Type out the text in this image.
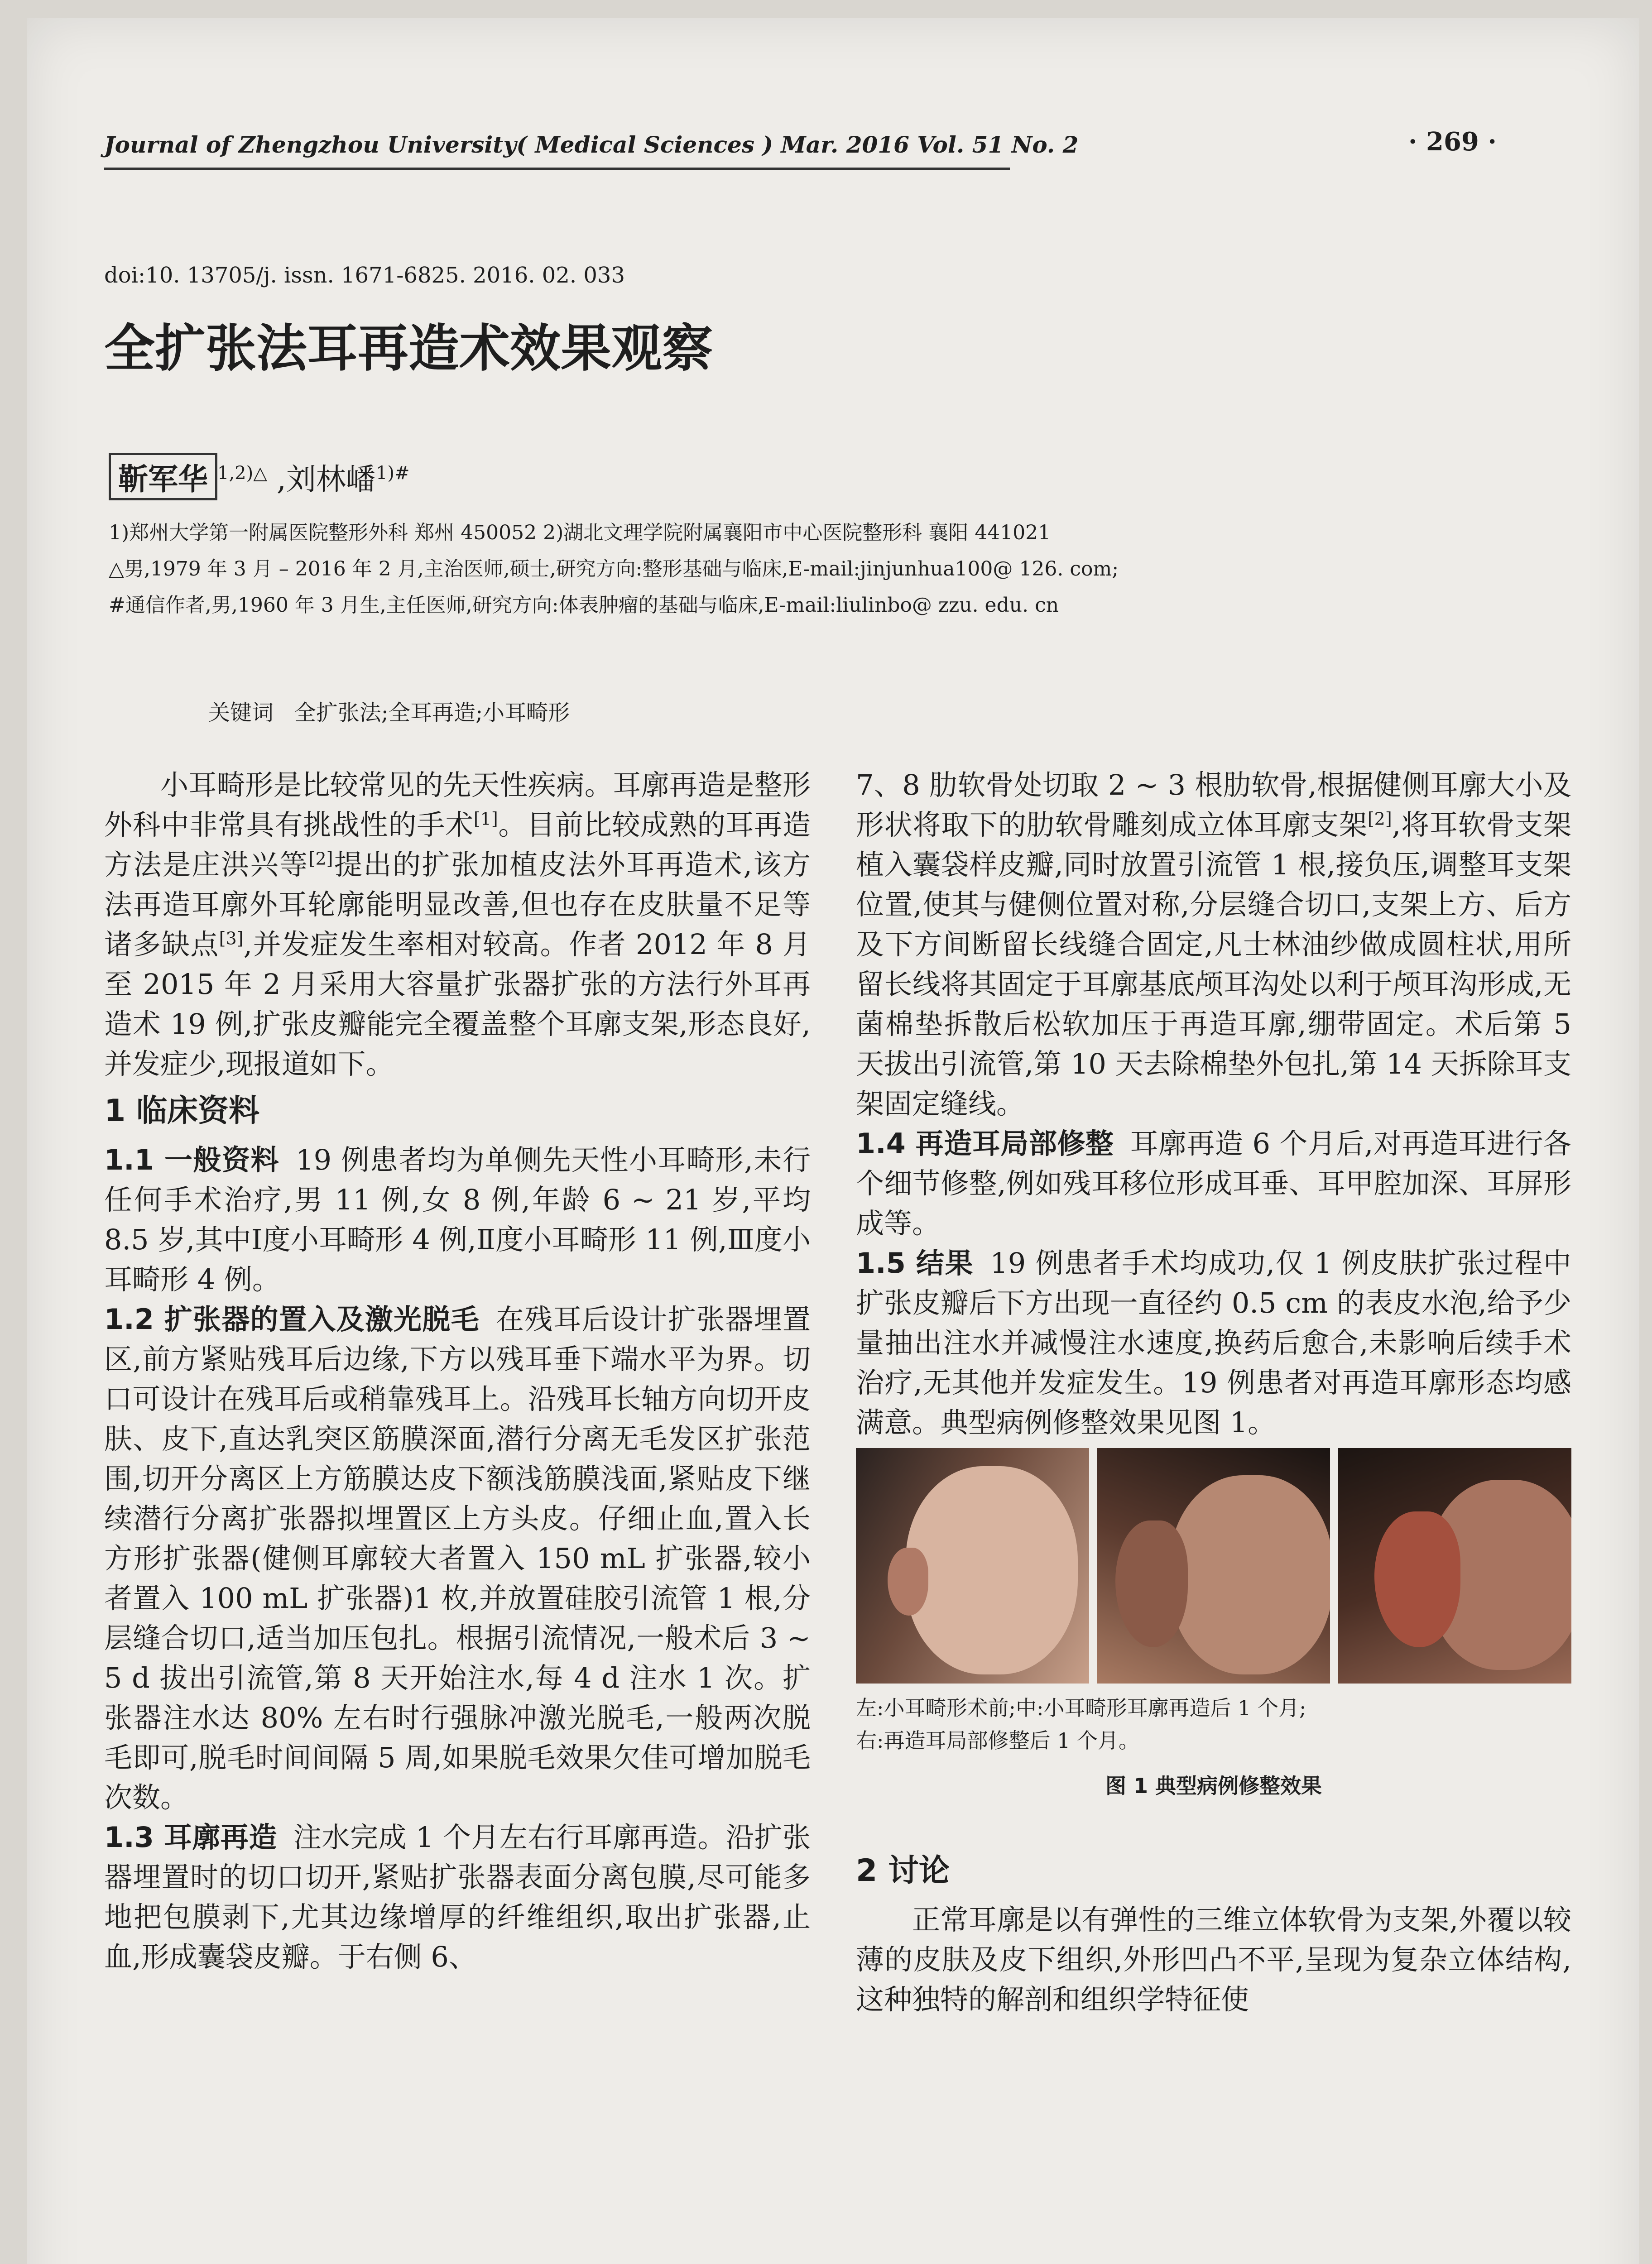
Journal of Zhengzhou University( Medical Sciences ) Mar. 2016 Vol. 51 No. 2	· 269 ·
doi:10. 13705/j. issn. 1671-6825. 2016. 02. 033
全扩张法耳再造术效果观察
靳军华 $^{1,2)\triangle}$ ,刘林嶓$^{1)\#}$
1)郑州大学第一附属医院整形外科 郑州 450052 2)湖北文理学院附属襄阳市中心医院整形科 襄阳 441021
△男,1979 年 3 月 – 2016 年 2 月,主治医师,硕士,研究方向:整形基础与临床,E-mail:jinjunhua100@ 126. com;
#通信作者,男,1960 年 3 月生,主任医师,研究方向:体表肿瘤的基础与临床,E-mail:liulinbo@ zzu. edu. cn
关键词 全扩张法;全耳再造;小耳畸形

小耳畸形是比较常见的先天性疾病。耳廓再造是整形外科中非常具有挑战性的手术[1]。目前比较成熟的耳再造方法是庄洪兴等[2]提出的扩张加植皮法外耳再造术,该方法再造耳廓外耳轮廓能明显改善,但也存在皮肤量不足等诸多缺点[3],并发症发生率相对较高。作者 2012 年 8 月至 2015 年 2 月采用大容量扩张器扩张的方法行外耳再造术 19 例,扩张皮瓣能完全覆盖整个耳廓支架,形态良好,并发症少,现报道如下。

1 临床资料

1.1 一般资料 19 例患者均为单侧先天性小耳畸形,未行任何手术治疗,男 11 例,女 8 例,年龄 6 ~ 21 岁,平均 8.5 岁,其中Ⅰ度小耳畸形 4 例,Ⅱ度小耳畸形 11 例,Ⅲ度小耳畸形 4 例。

1.2 扩张器的置入及激光脱毛 在残耳后设计扩张器埋置区,前方紧贴残耳后边缘,下方以残耳垂下端水平为界。切口可设计在残耳后或稍靠残耳上。沿残耳长轴方向切开皮肤、皮下,直达乳突区筋膜深面,潜行分离无毛发区扩张范围,切开分离区上方筋膜达皮下额浅筋膜浅面,紧贴皮下继续潜行分离扩张器拟埋置区上方头皮。仔细止血,置入长方形扩张器(健侧耳廓较大者置入 150 mL 扩张器,较小者置入 100 mL 扩张器)1 枚,并放置硅胶引流管 1 根,分层缝合切口,适当加压包扎。根据引流情况,一般术后 3 ~ 5 d 拔出引流管,第 8 天开始注水,每 4 d 注水 1 次。扩张器注水达 80% 左右时行强脉冲激光脱毛,一般两次脱毛即可,脱毛时间间隔 5 周,如果脱毛效果欠佳可增加脱毛次数。

1.3 耳廓再造 注水完成 1 个月左右行耳廓再造。沿扩张器埋置时的切口切开,紧贴扩张器表面分离包膜,尽可能多地把包膜剥下,尤其边缘增厚的纤维组织,取出扩张器,止血,形成囊袋皮瓣。于右侧 6、

7、8 肋软骨处切取 2 ~ 3 根肋软骨,根据健侧耳廓大小及形状将取下的肋软骨雕刻成立体耳廓支架[2],将耳软骨支架植入囊袋样皮瓣,同时放置引流管 1 根,接负压,调整耳支架位置,使其与健侧位置对称,分层缝合切口,支架上方、后方及下方间断留长线缝合固定,凡士林油纱做成圆柱状,用所留长线将其固定于耳廓基底颅耳沟处以利于颅耳沟形成,无菌棉垫拆散后松软加压于再造耳廓,绷带固定。术后第 5 天拔出引流管,第 10 天去除棉垫外包扎,第 14 天拆除耳支架固定缝线。

1.4 再造耳局部修整 耳廓再造 6 个月后,对再造耳进行各个细节修整,例如残耳移位形成耳垂、耳甲腔加深、耳屏形成等。

1.5 结果 19 例患者手术均成功,仅 1 例皮肤扩张过程中扩张皮瓣后下方出现一直径约 0.5 cm 的表皮水泡,给予少量抽出注水并减慢注水速度,换药后愈合,未影响后续手术治疗,无其他并发症发生。19 例患者对再造耳廓形态均感满意。典型病例修整效果见图 1。

左:小耳畸形术前;中:小耳畸形耳廓再造后 1 个月;
右:再造耳局部修整后 1 个月。
图 1 典型病例修整效果
2 讨论

正常耳廓是以有弹性的三维立体软骨为支架,外覆以较薄的皮肤及皮下组织,外形凹凸不平,呈现为复杂立体结构,这种独特的解剖和组织学特征使
